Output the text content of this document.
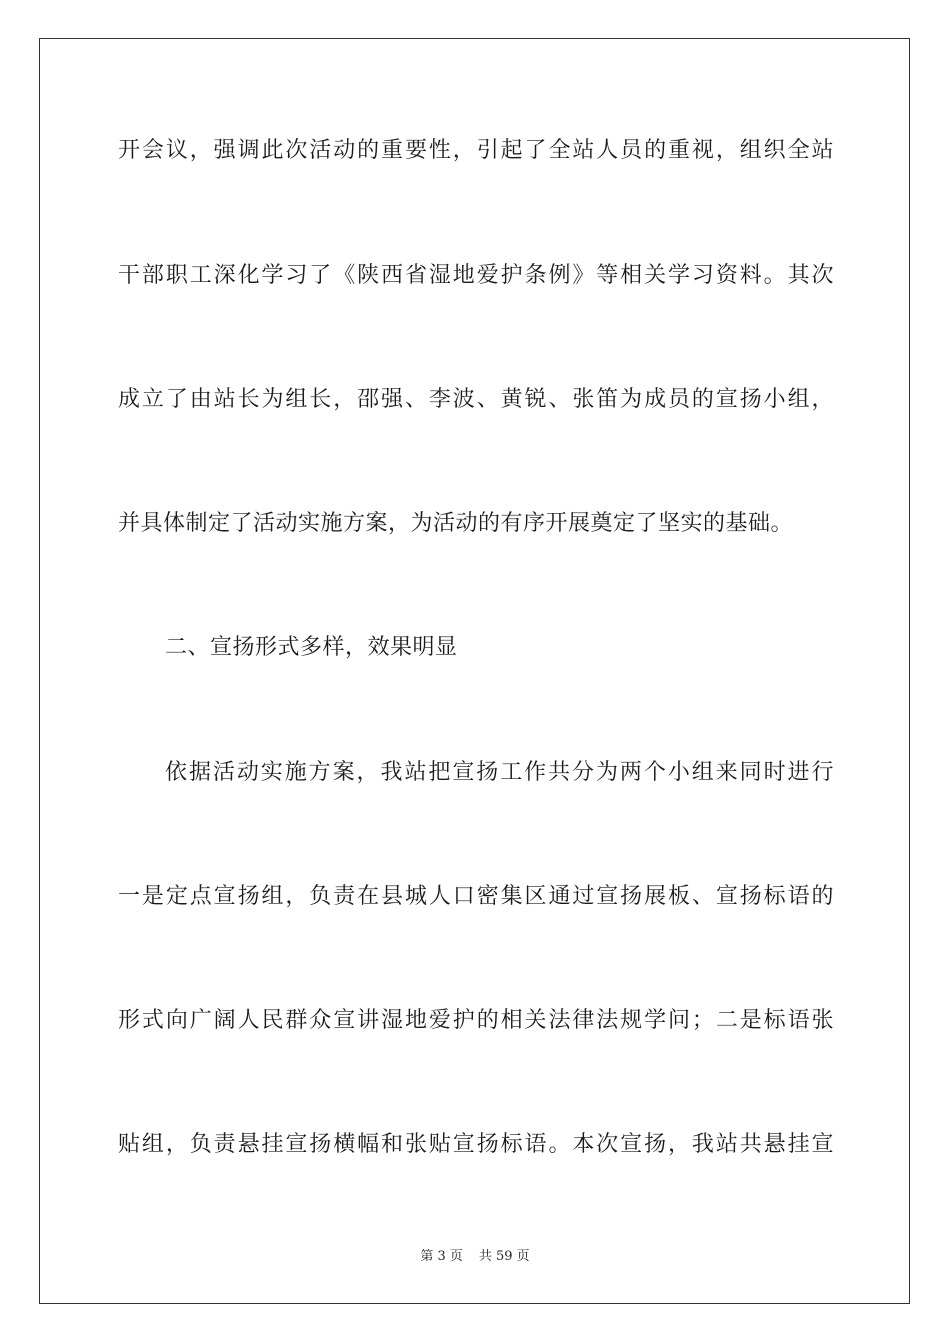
开会议，强调此次活动的重要性，引起了全站人员的重视，组织全站
干部职工深化学习了《陕西省湿地爱护条例》等相关学习资料。其次
成立了由站长为组长，邵强、李波、黄锐、张笛为成员的宣扬小组，
并具体制定了活动实施方案，为活动的有序开展奠定了坚实的基础。
二、宣扬形式多样，效果明显
依据活动实施方案，我站把宣扬工作共分为两个小组来同时进行
一是定点宣扬组，负责在县城人口密集区通过宣扬展板、宣扬标语的
形式向广阔人民群众宣讲湿地爱护的相关法律法规学问；二是标语张
贴组，负责悬挂宣扬横幅和张贴宣扬标语。本次宣扬，我站共悬挂宣
第 3 页 共 59 页
